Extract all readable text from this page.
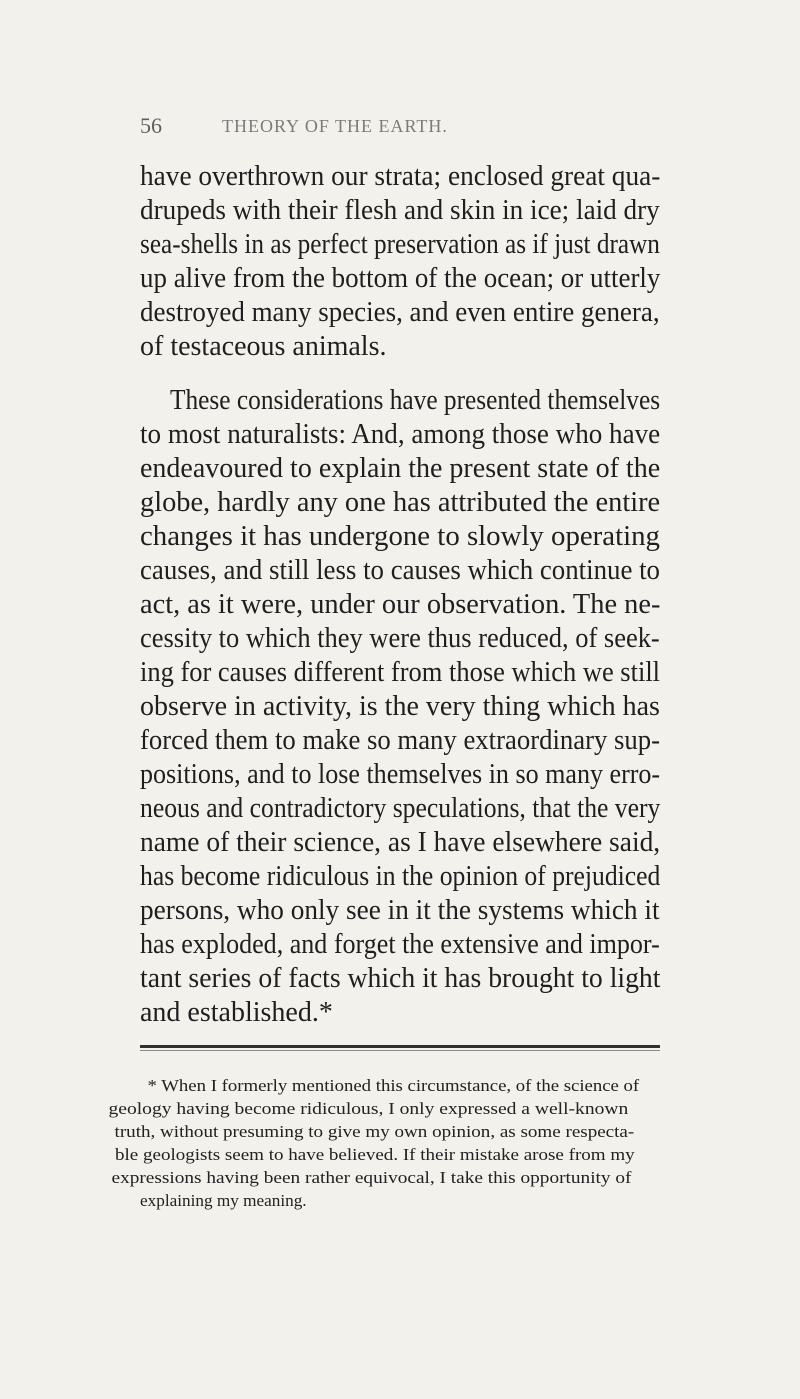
56	THEORY OF THE EARTH.
have overthrown our strata; enclosed great qua-
drupeds with their flesh and skin in ice; laid dry
sea-shells in as perfect preservation as if just drawn
up alive from the bottom of the ocean; or utterly
destroyed many species, and even entire genera,
of testaceous animals.
These considerations have presented themselves
to most naturalists: And, among those who have
endeavoured to explain the present state of the
globe, hardly any one has attributed the entire
changes it has undergone to slowly operating
causes, and still less to causes which continue to
act, as it were, under our observation. The ne-
cessity to which they were thus reduced, of seek-
ing for causes different from those which we still
observe in activity, is the very thing which has
forced them to make so many extraordinary sup-
positions, and to lose themselves in so many erro-
neous and contradictory speculations, that the very
name of their science, as I have elsewhere said,
has become ridiculous in the opinion of prejudiced
persons, who only see in it the systems which it
has exploded, and forget the extensive and impor-
tant series of facts which it has brought to light
and established.*
* When I formerly mentioned this circumstance, of the science of
geology having become ridiculous, I only expressed a well-known
truth, without presuming to give my own opinion, as some respecta-
ble geologists seem to have believed. If their mistake arose from my
expressions having been rather equivocal, I take this opportunity of
explaining my meaning.
